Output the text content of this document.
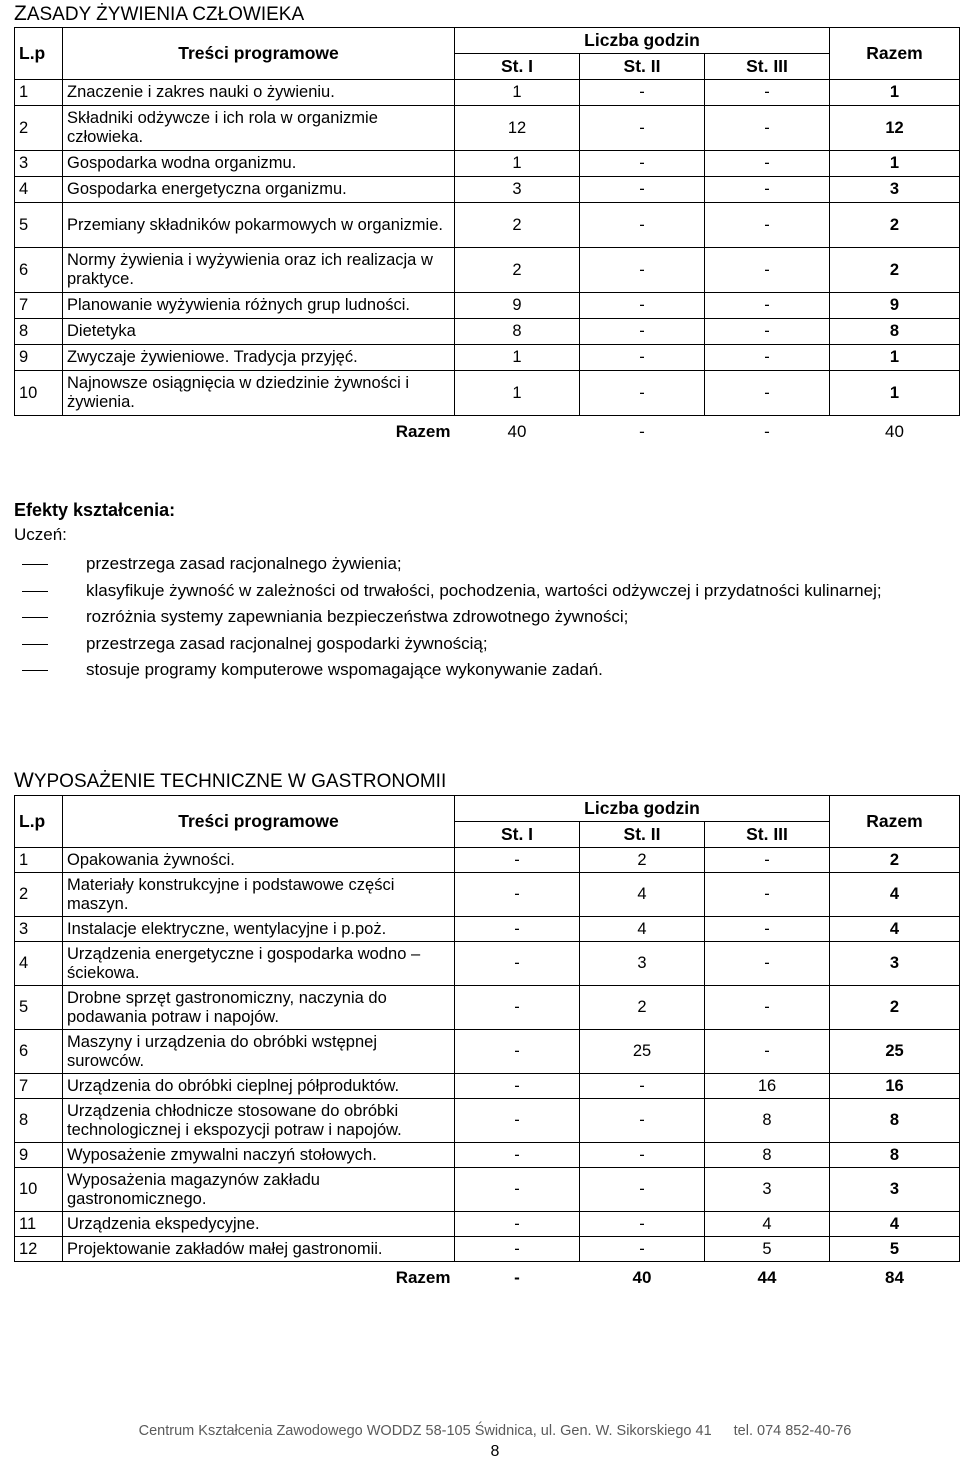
ZASADY ŻYWIENIA CZŁOWIEKA
L.p	Treści programowe	Liczba godzin			Razem
		St. I	St. II	St. III	
1	Znaczenie i zakres nauki o żywieniu.	1	-	-	1
2	Składniki odżywcze i ich rola w organizmie człowieka.	12	-	-	12
3	Gospodarka wodna organizmu.	1	-	-	1
4	Gospodarka energetyczna organizmu.	3	-	-	3
5	Przemiany składników pokarmowych w organizmie.	2	-	-	2
6	Normy żywienia i wyżywienia oraz ich realizacja w praktyce.	2	-	-	2
7	Planowanie wyżywienia różnych grup ludności.	9	-	-	9
8	Dietetyka	8	-	-	8
9	Zwyczaje żywieniowe. Tradycja przyjęć.	1	-	-	1
10	Najnowsze osiągnięcia w dziedzinie żywności i żywienia.	1	-	-	1
	Razem	40	-	-	40
Efekty kształcenia:
Uczeń:
przestrzega zasad racjonalnego żywienia;
klasyfikuje żywność w zależności od trwałości, pochodzenia, wartości odżywczej i przydatności kulinarnej;
rozróżnia systemy zapewniania bezpieczeństwa zdrowotnego żywności;
przestrzega zasad racjonalnej gospodarki żywnością;
stosuje programy komputerowe wspomagające wykonywanie zadań.
WYPOSAŻENIE TECHNICZNE W GASTRONOMII
L.p	Treści programowe	Liczba godzin			Razem
		St. I	St. II	St. III	
1	Opakowania żywności.	-	2	-	2
2	Materiały konstrukcyjne i podstawowe części maszyn.	-	4	-	4
3	Instalacje elektryczne, wentylacyjne i p.poż.	-	4	-	4
4	Urządzenia energetyczne i gospodarka wodno – ściekowa.	-	3	-	3
5	Drobne sprzęt gastronomiczny, naczynia do podawania potraw i napojów.	-	2	-	2
6	Maszyny i urządzenia do obróbki wstępnej surowców.	-	25	-	25
7	Urządzenia do obróbki cieplnej półproduktów.	-	-	16	16
8	Urządzenia chłodnicze stosowane do obróbki technologicznej i ekspozycji potraw i napojów.	-	-	8	8
9	Wyposażenie zmywalni naczyń stołowych.	-	-	8	8
10	Wyposażenia magazynów zakładu gastronomicznego.	-	-	3	3
11	Urządzenia ekspedycyjne.	-	-	4	4
12	Projektowanie zakładów małej gastronomii.	-	-	5	5
	Razem	-	40	44	84
Centrum Kształcenia Zawodowego WODDZ 58-105 Świdnica, ul. Gen. W. Sikorskiego 41 tel. 074 852-40-76
8
